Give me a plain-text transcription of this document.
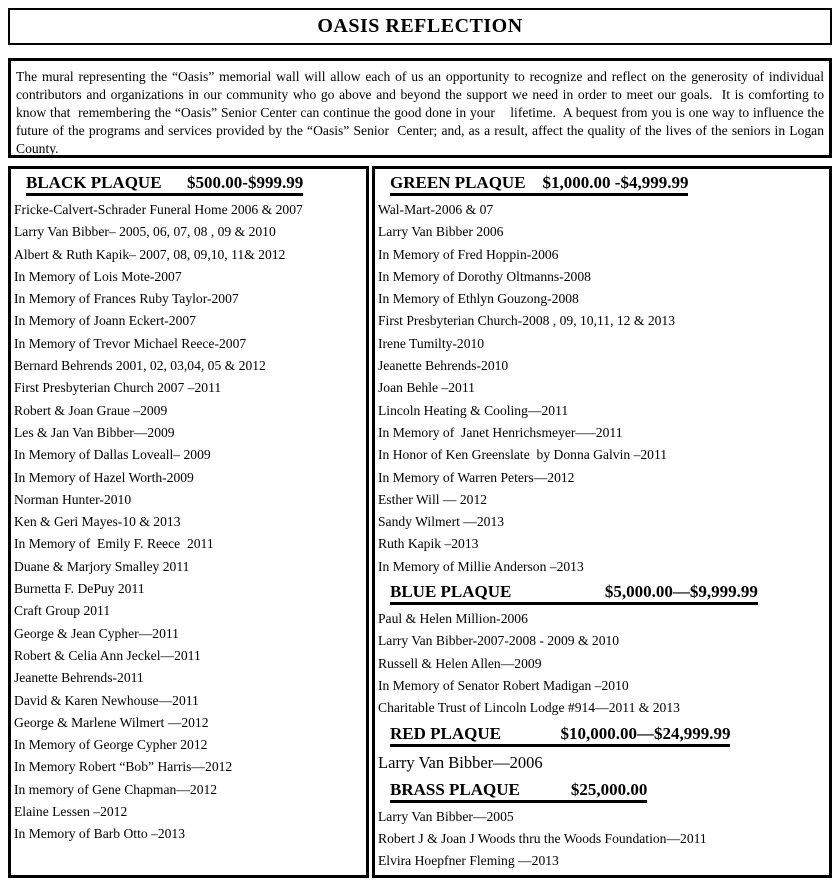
OASIS REFLECTION
The mural representing the “Oasis” memorial wall will allow each of us an opportunity to recognize and reflect on the generosity of individual contributors and organizations in our community who go above and beyond the support we need in order to meet our goals.  It is comforting to know that  remembering the “Oasis” Senior Center can continue the good done in your    lifetime.  A bequest from you is one way to influence the future of the programs and services provided by the “Oasis” Senior  Center; and, as a result, affect the quality of the lives of the seniors in Logan County.
BLACK PLAQUE      $500.00-$999.99
Fricke-Calvert-Schrader Funeral Home 2006 & 2007
Larry Van Bibber– 2005, 06, 07, 08 , 09 & 2010
Albert & Ruth Kapik– 2007, 08, 09,10, 11& 2012
In Memory of Lois Mote-2007
In Memory of Frances Ruby Taylor-2007
In Memory of Joann Eckert-2007
In Memory of Trevor Michael Reece-2007
Bernard Behrends 2001, 02, 03,04, 05 & 2012
First Presbyterian Church 2007 –2011
Robert & Joan Graue –2009
Les & Jan Van Bibber—2009
In Memory of Dallas Loveall– 2009
In Memory of Hazel Worth-2009
Norman Hunter-2010
Ken & Geri Mayes-10 & 2013
In Memory of  Emily F. Reece  2011
Duane & Marjory Smalley 2011
Burnetta F. DePuy 2011
Craft Group 2011
George & Jean Cypher—2011
Robert & Celia Ann Jeckel—2011
Jeanette Behrends-2011
David & Karen Newhouse—2011
George & Marlene Wilmert —2012
In Memory of George Cypher 2012
In Memory Robert “Bob” Harris—2012
In memory of Gene Chapman—2012
Elaine Lessen –2012
In Memory of Barb Otto –2013
GREEN PLAQUE    $1,000.00 -$4,999.99
Wal-Mart-2006 & 07
Larry Van Bibber 2006
In Memory of Fred Hoppin-2006
In Memory of Dorothy Oltmanns-2008
In Memory of Ethlyn Gouzong-2008
First Presbyterian Church-2008 , 09, 10,11, 12 & 2013
Irene Tumilty-2010
Jeanette Behrends-2010
Joan Behle –2011
Lincoln Heating & Cooling—2011
In Memory of  Janet Henrichsmeyer—–2011
In Honor of Ken Greenslate  by Donna Galvin –2011
In Memory of Warren Peters—2012
Esther Will — 2012
Sandy Wilmert —2013
Ruth Kapik –2013
In Memory of Millie Anderson –2013
BLUE PLAQUE                      $5,000.00—$9,999.99
Paul & Helen Million-2006
Larry Van Bibber-2007-2008 - 2009 & 2010
Russell & Helen Allen—2009
In Memory of Senator Robert Madigan –2010
Charitable Trust of Lincoln Lodge #914—2011 & 2013
RED PLAQUE              $10,000.00—$24,999.99
Larry Van Bibber—2006
BRASS PLAQUE            $25,000.00
Larry Van Bibber—2005
Robert J & Joan J Woods thru the Woods Foundation—2011
Elvira Hoepfner Fleming —2013
